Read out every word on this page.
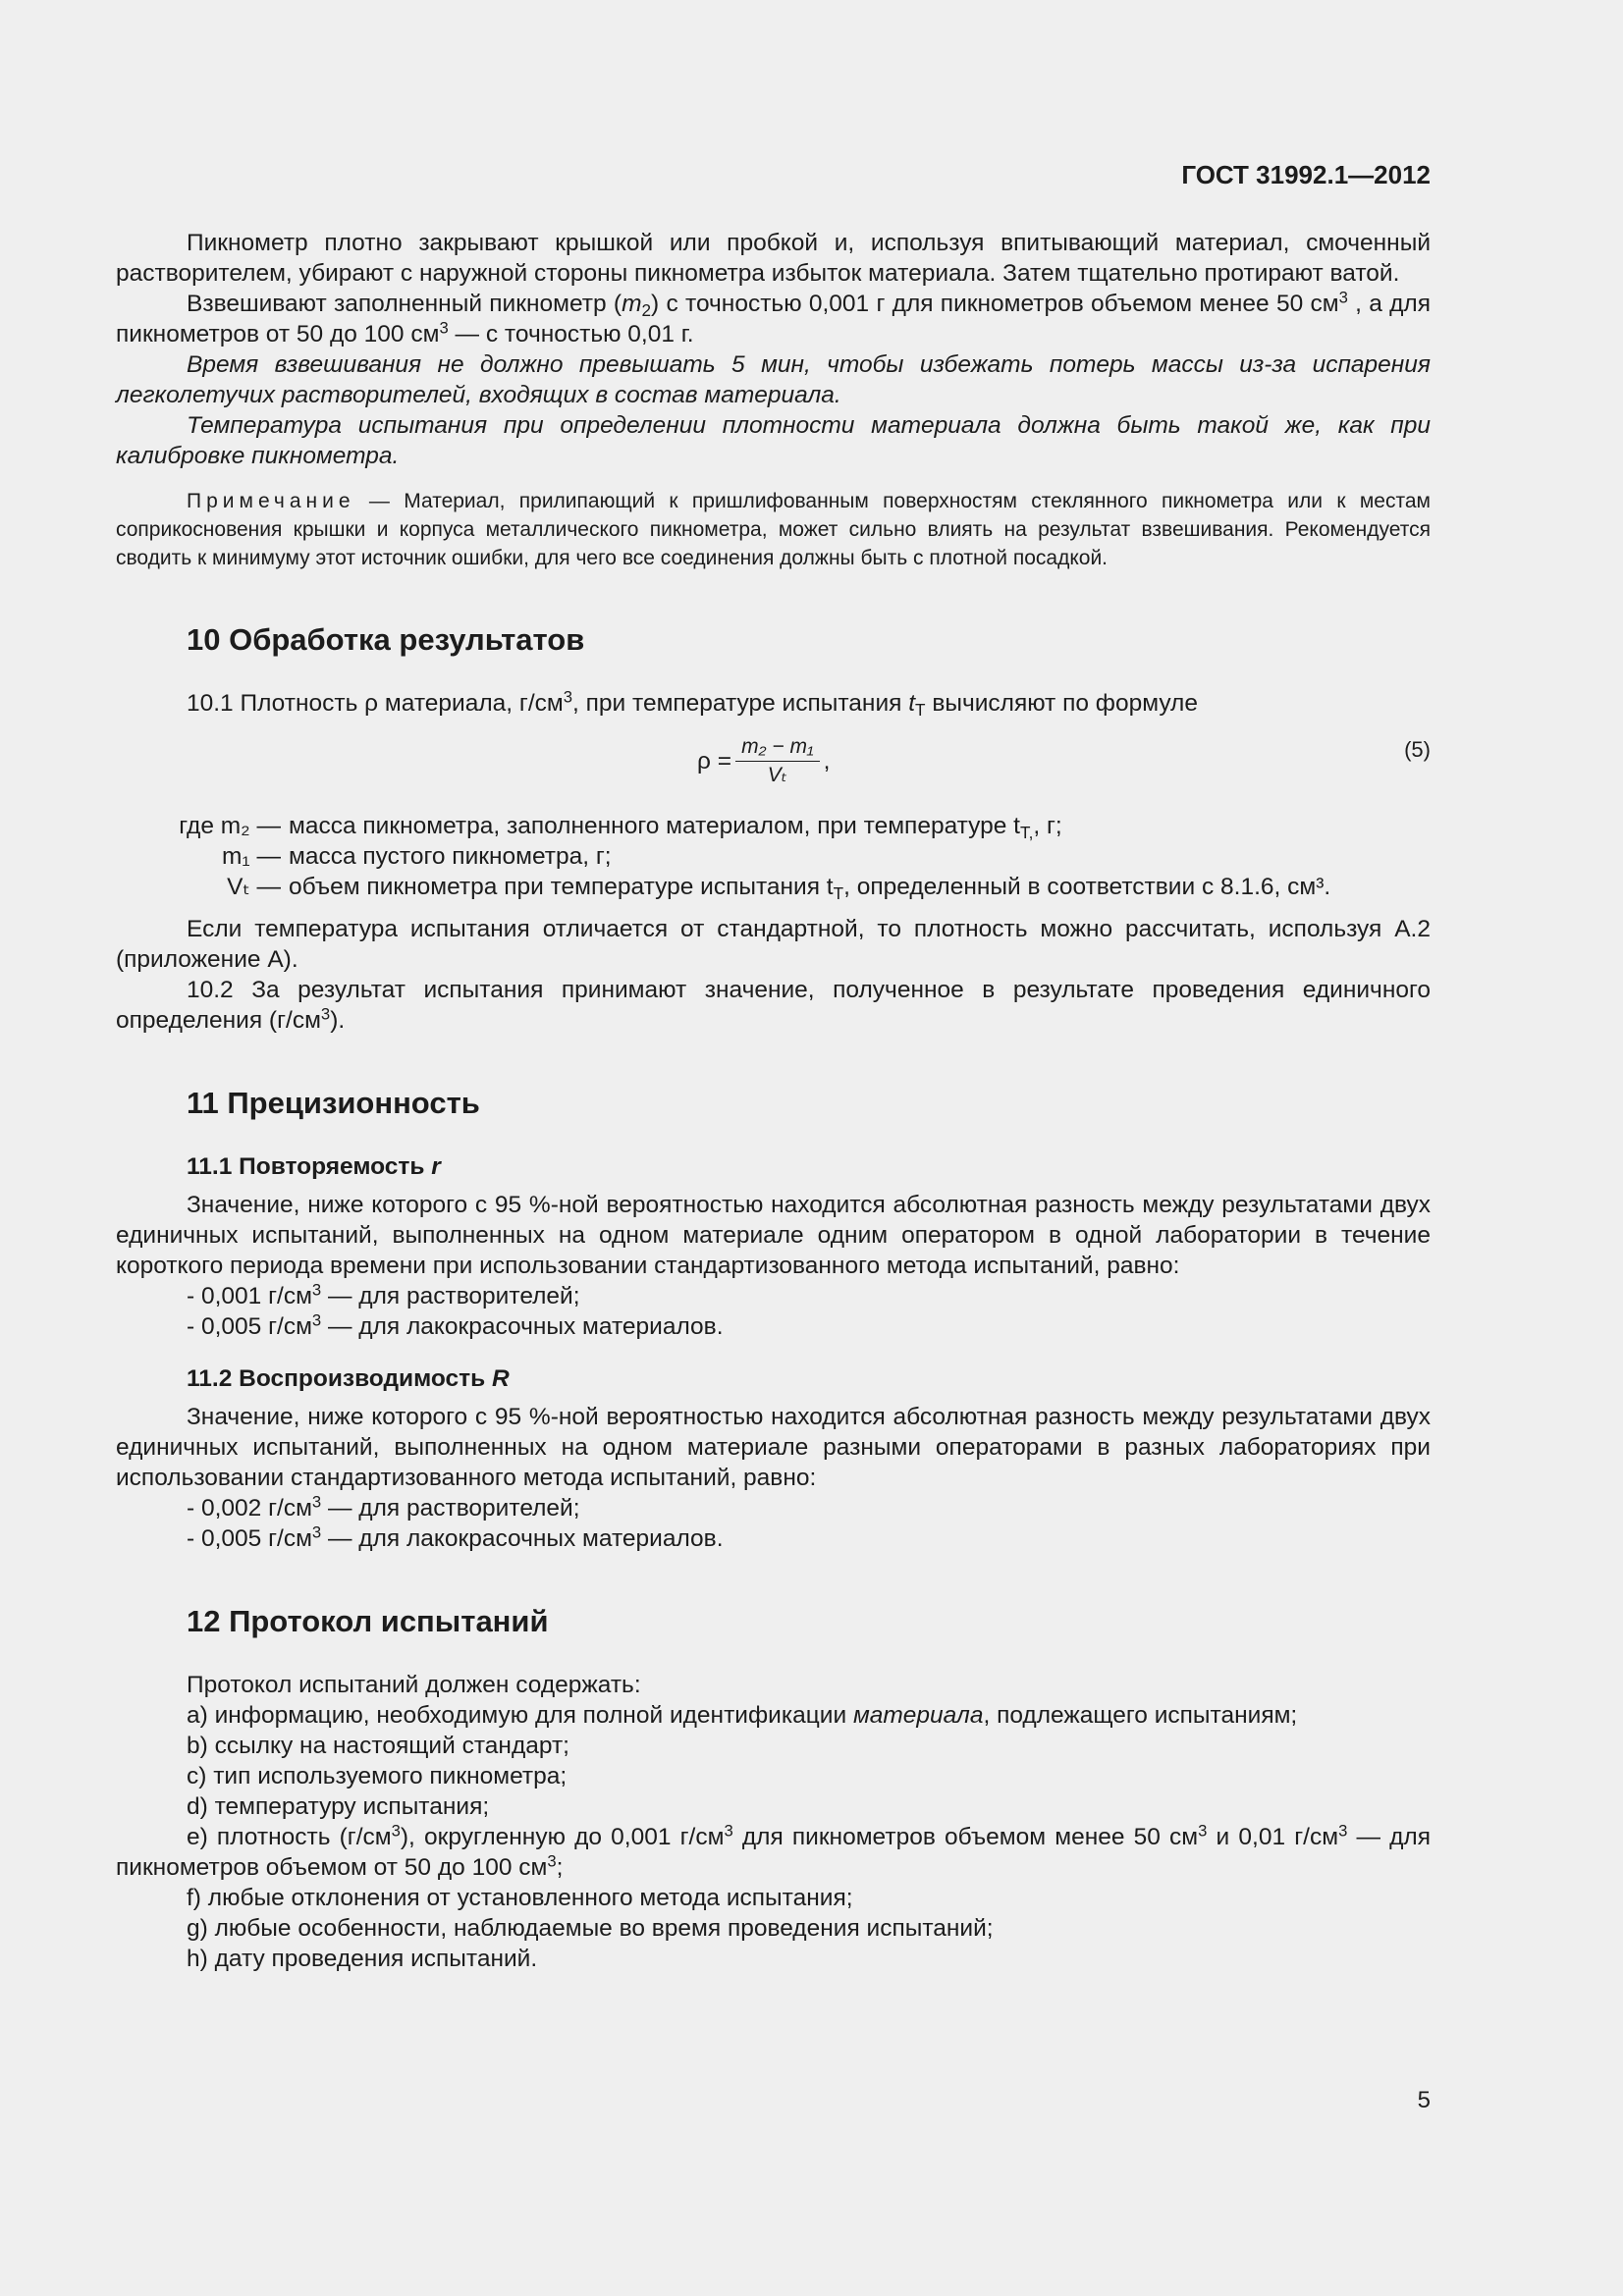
ГОСТ 31992.1—2012

Пикнометр плотно закрывают крышкой или пробкой и, используя впитывающий материал, смоченный растворителем, убирают с наружной стороны пикнометра избыток материала. Затем тщательно протирают ватой.

Взвешивают заполненный пикнометр $(m_2)$ с точностью 0,001 г для пикнометров объемом менее 50 $см^3$ , а для пикнометров от 50 до 100 $см^3$ — с точностью 0,01 г.

Время взвешивания не должно превышать 5 мин, чтобы избежать потерь массы из-за испарения легколетучих растворителей, входящих в состав материала.

Температура испытания при определении плотности материала должна быть такой же, как при калибровке пикнометра.

Примечание — Материал, прилипающий к пришлифованным поверхностям стеклянного пикнометра или к местам соприкосновения крышки и корпуса металлического пикнометра, может сильно влиять на результат взвешивания. Рекомендуется сводить к минимуму этот источник ошибки, для чего все соединения должны быть с плотной посадкой.

10 Обработка результатов

10.1 Плотность ρ материала, $г/см^3$, при температуре испытания $t_T$ вычисляют по формуле

$\rho = \frac{\text{m₂ − m₁}}{\text{Vₜ}}$ ,	(5)
где m₂ — масса пикнометра, заполненного материалом, при температуре $t_{T,}$, г;
m₁ — масса пустого пикнометра, г;
Vₜ — объем пикнометра при температуре испытания $t_T$, определенный в соответствии с 8.1.6, см³.

Если температура испытания отличается от стандартной, то плотность можно рассчитать, используя А.2 (приложение А).

10.2 За результат испытания принимают значение, полученное в результате проведения единичного определения $(г/см^3)$.

11 Прецизионность
11.1 Повторяемость r

Значение, ниже которого с 95 %-ной вероятностью находится абсолютная разность между результатами двух единичных испытаний, выполненных на одном материале одним оператором в одной лаборатории в течение короткого периода времени при использовании стандартизованного метода испытаний, равно:

- 0,001 $г/см^3$ — для растворителей;

- 0,005 $г/см^3$ — для лакокрасочных материалов.

11.2 Воспроизводимость R

Значение, ниже которого с 95 %-ной вероятностью находится абсолютная разность между результатами двух единичных испытаний, выполненных на одном материале разными операторами в разных лабораториях при использовании стандартизованного метода испытаний, равно:

- 0,002 $г/см^3$ — для растворителей;

- 0,005 $г/см^3$ — для лакокрасочных материалов.

12 Протокол испытаний

Протокол испытаний должен содержать:

a) информацию, необходимую для полной идентификации материала, подлежащего испытаниям;

b) ссылку на настоящий стандарт;

c) тип используемого пикнометра;

d) температуру испытания;

e) плотность $(г/см^3)$, округленную до 0,001 $г/см^3$ для пикнометров объемом менее 50 $см^3$ и 0,01 $г/см^3$ — для пикнометров объемом от 50 до 100 $см^3$;

f) любые отклонения от установленного метода испытания;

g) любые особенности, наблюдаемые во время проведения испытаний;

h) дату проведения испытаний.

5
